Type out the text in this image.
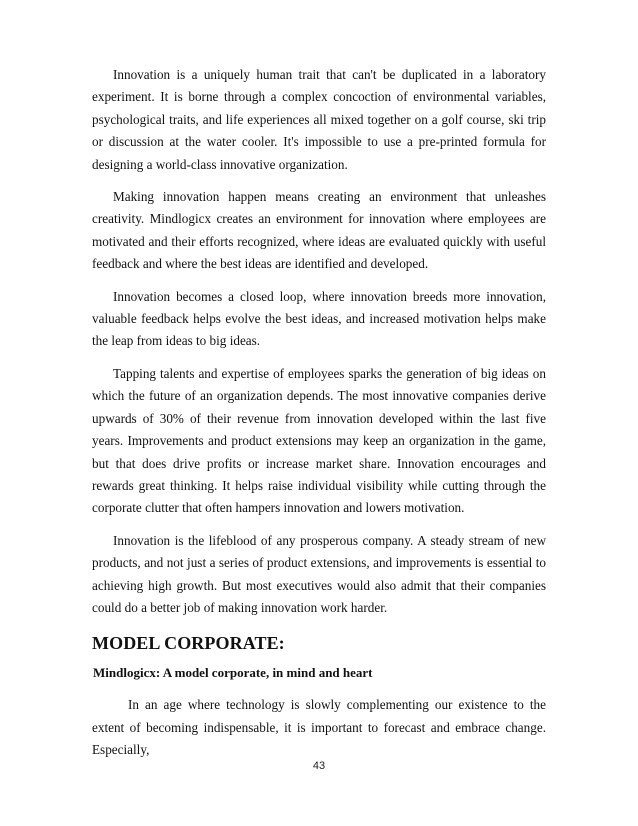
Innovation is a uniquely human trait that can't be duplicated in a laboratory experiment. It is borne through a complex concoction of environmental variables, psychological traits, and life experiences all mixed together on a golf course, ski trip or discussion at the water cooler. It's impossible to use a pre-printed formula for designing a world-class innovative organization.

Making innovation happen means creating an environment that unleashes creativity. Mindlogicx creates an environment for innovation where employees are motivated and their efforts recognized, where ideas are evaluated quickly with useful feedback and where the best ideas are identified and developed.

Innovation becomes a closed loop, where innovation breeds more innovation, valuable feedback helps evolve the best ideas, and increased motivation helps make the leap from ideas to big ideas.

Tapping talents and expertise of employees sparks the generation of big ideas on which the future of an organization depends. The most innovative companies derive upwards of 30% of their revenue from innovation developed within the last five years. Improvements and product extensions may keep an organization in the game, but that does drive profits or increase market share. Innovation encourages and rewards great thinking. It helps raise individual visibility while cutting through the corporate clutter that often hampers innovation and lowers motivation.

Innovation is the lifeblood of any prosperous company. A steady stream of new products, and not just a series of product extensions, and improvements is essential to achieving high growth. But most executives would also admit that their companies could do a better job of making innovation work harder.

MODEL CORPORATE:
Mindlogicx: A model corporate, in mind and heart

In an age where technology is slowly complementing our existence to the extent of becoming indispensable, it is important to forecast and embrace change. Especially,

43
